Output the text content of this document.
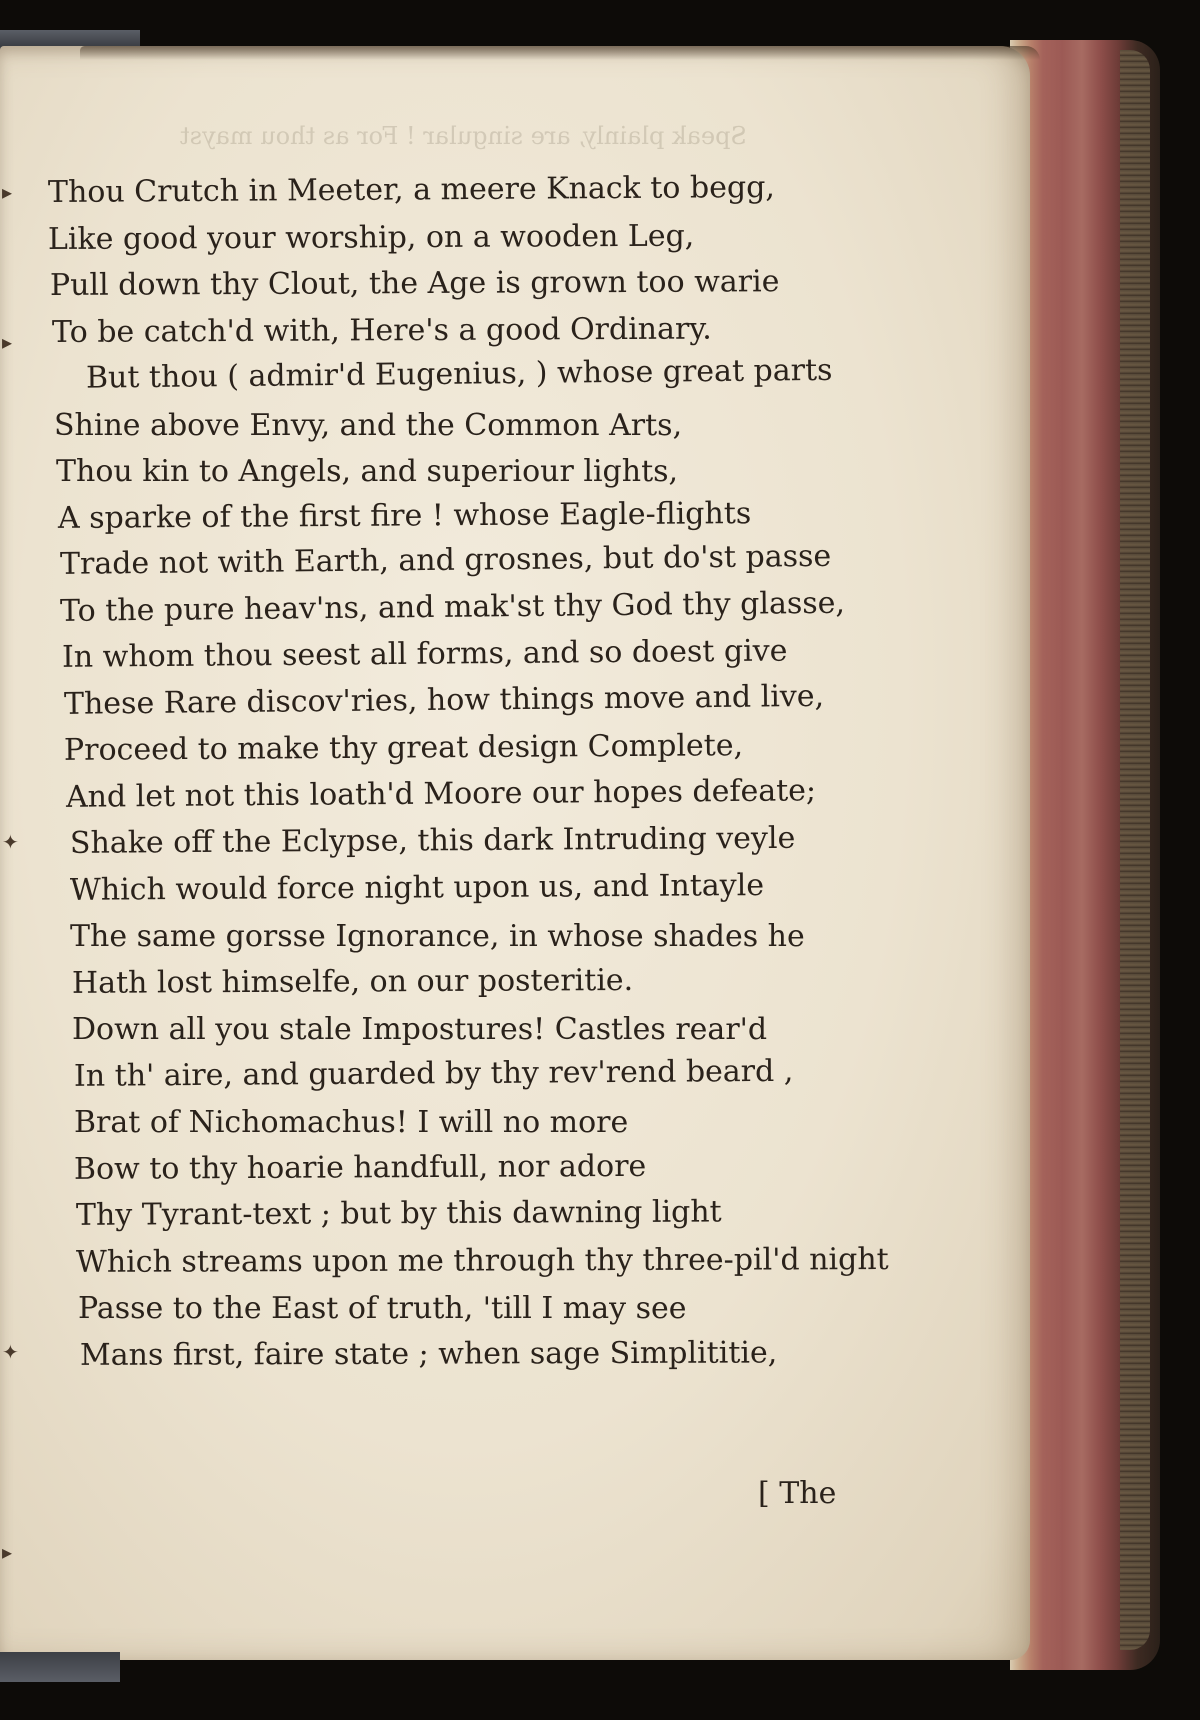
Speak plainly, are singular ! For as thou mayst
▸
▸
✦
✦
▸
Thou Crutch in Meeter, a meere Knack to begg,
Like good your worship, on a wooden Leg,
Pull down thy Clout, the Age is grown too warie
To be catch'd with, Here's a good Ordinary.
But thou ( admir'd Eugenius, ) whose great parts
Shine above Envy, and the Common Arts,
Thou kin to Angels, and superiour lights,
A sparke of the first fire ! whose Eagle-flights
Trade not with Earth, and grosnes, but do'st passe
To the pure heav'ns, and mak'st thy God thy glasse,
In whom thou seest all forms, and so doest give
These Rare discov'ries, how things move and live,
Proceed to make thy great design Complete,
And let not this loath'd Moore our hopes defeate;
Shake off the Eclypse, this dark Intruding veyle
Which would force night upon us, and Intayle
The same gorsse Ignorance, in whose shades he
Hath lost himselfe, on our posteritie.
Down all you stale Impostures! Castles rear'd
In th' aire, and guarded by thy rev'rend beard ,
Brat of Nichomachus! I will no more
Bow to thy hoarie handfull, nor adore
Thy Tyrant-text ; but by this dawning light
Which streams upon me through thy three-pil'd night
Passe to the East of truth, 'till I may see
Mans first, faire state ; when sage Simplititie,
[ The
